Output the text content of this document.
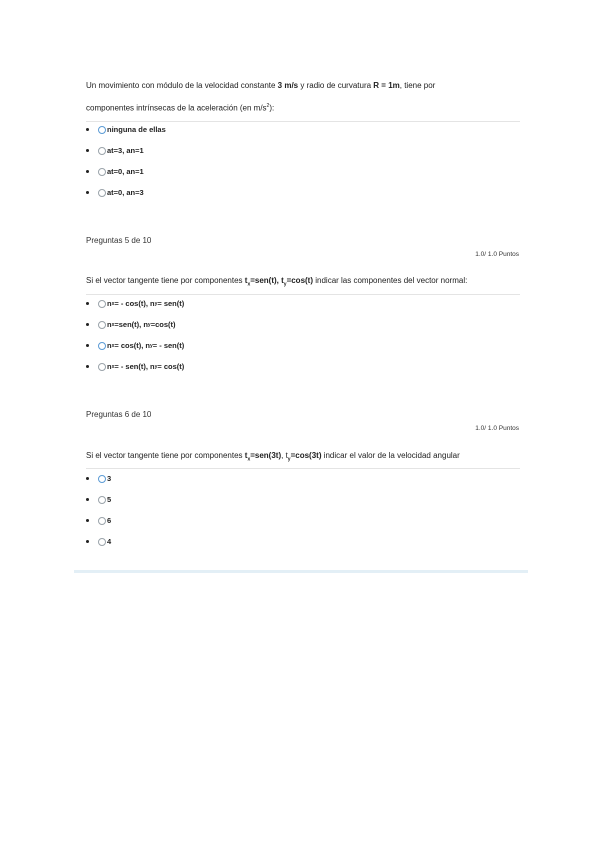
Un movimiento con módulo de la velocidad constante 3 m/s y radio de curvatura R = 1m, tiene por
componentes intrínsecas de la aceleración (en $m/s^2$):
ninguna de ellas
at=3, an=1
at=0, an=1
at=0, an=3
Preguntas 5 de 10
1.0/ 1.0 Puntos
Si el vector tangente tiene por componentes $t_x=sen(t)$, $t_y=\cos(t)$ indicar las componentes del vector normal:
n x = - cos(t), n y = sen(t)
n x =sen(t), n y =cos(t)
n x = cos(t), n y = - sen(t)
n x = - sen(t), n y = cos(t)
Preguntas 6 de 10
1.0/ 1.0 Puntos
Si el vector tangente tiene por componentes $t_x=sen(3t)$, $t_y=\cos(3t)$ indicar el valor de la velocidad angular
3
5
6
4
